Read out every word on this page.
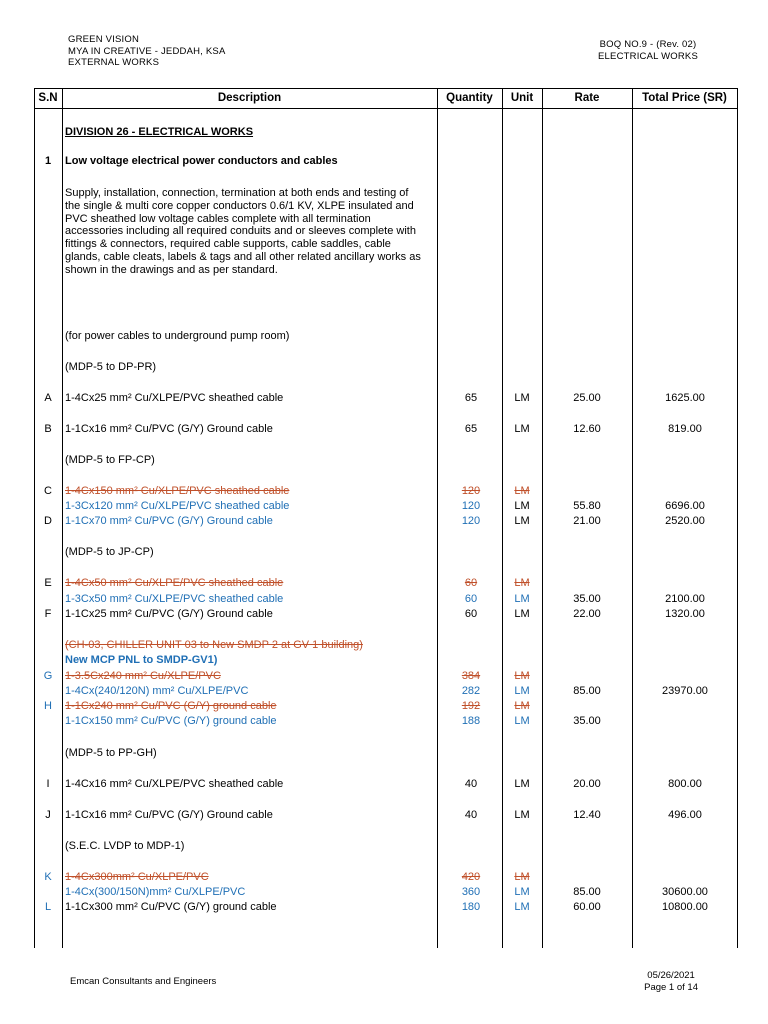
GREEN VISION
MYA IN CREATIVE - JEDDAH, KSA
EXTERNAL WORKS
BOQ NO.9 - (Rev. 02)
ELECTRICAL WORKS
S.N	Description	Quantity	Unit	Rate	Total Price (SR)
DIVISION 26 - ELECTRICAL WORKS
1	Low voltage electrical power conductors and cables
Supply, installation, connection, termination at both ends and testing of the single & multi core copper conductors 0.6/1 KV, XLPE insulated and PVC sheathed low voltage cables complete with all termination accessories including all required conduits and or sleeves complete with fittings & connectors, required cable supports, cable saddles, cable glands, cable cleats, labels & tags and all other related ancillary works as shown in the drawings and as per standard.
(for power cables to underground pump room)
(MDP-5 to DP-PR)
A	1-4Cx25 mm² Cu/XLPE/PVC sheathed cable	65	LM	25.00	1625.00
B	1-1Cx16 mm² Cu/PVC (G/Y) Ground cable	65	LM	12.60	819.00
(MDP-5 to FP-CP)
C	1-4Cx150 mm² Cu/XLPE/PVC sheathed cable	120	LM
1-3Cx120 mm² Cu/XLPE/PVC sheathed cable	120	LM	55.80	6696.00
D	1-1Cx70 mm² Cu/PVC (G/Y) Ground cable	120	LM	21.00	2520.00
(MDP-5 to JP-CP)
E	1-4Cx50 mm² Cu/XLPE/PVC sheathed cable	60	LM
1-3Cx50 mm² Cu/XLPE/PVC sheathed cable	60	LM	35.00	2100.00
F	1-1Cx25 mm² Cu/PVC (G/Y) Ground cable	60	LM	22.00	1320.00
(CH-03, CHILLER UNIT 03 to New SMDP 2 at GV 1 building)
New MCP PNL to SMDP-GV1)
G	1-3.5Cx240 mm² Cu/XLPE/PVC	384	LM
1-4Cx(240/120N) mm² Cu/XLPE/PVC	282	LM	85.00	23970.00
H	1-1Cx240 mm² Cu/PVC (G/Y) ground cable	192	LM
1-1Cx150 mm² Cu/PVC (G/Y) ground cable	188	LM	35.00
(MDP-5 to PP-GH)
I	1-4Cx16 mm² Cu/XLPE/PVC sheathed cable	40	LM	20.00	800.00
J	1-1Cx16 mm² Cu/PVC (G/Y) Ground cable	40	LM	12.40	496.00
(S.E.C. LVDP to MDP-1)
K	1-4Cx300mm² Cu/XLPE/PVC	420	LM
1-4Cx(300/150N)mm² Cu/XLPE/PVC	360	LM	85.00	30600.00
L	1-1Cx300 mm² Cu/PVC (G/Y) ground cable	180	LM	60.00	10800.00
Emcan Consultants and Engineers
05/26/2021
Page 1 of 14
